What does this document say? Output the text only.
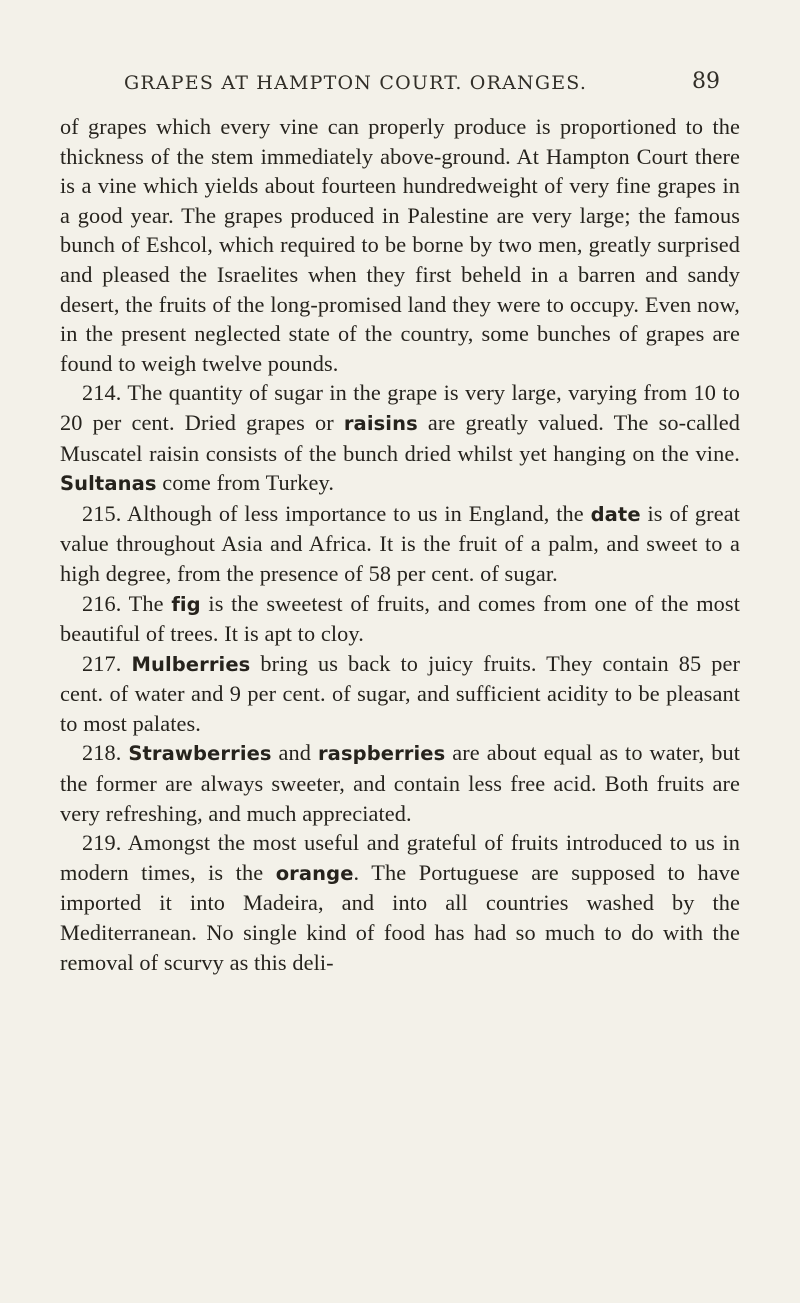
GRAPES AT HAMPTON COURT. ORANGES.	89

of grapes which every vine can properly produce is proportioned to the thickness of the stem immediately above-ground. At Hampton Court there is a vine which yields about fourteen hundredweight of very fine grapes in a good year. The grapes produced in Palestine are very large; the famous bunch of Eshcol, which required to be borne by two men, greatly surprised and pleased the Israelites when they first beheld in a barren and sandy desert, the fruits of the long-promised land they were to occupy. Even now, in the present neglected state of the country, some bunches of grapes are found to weigh twelve pounds.

214. The quantity of sugar in the grape is very large, varying from 10 to 20 per cent. Dried grapes or raisins are greatly valued. The so-called Muscatel raisin consists of the bunch dried whilst yet hanging on the vine. Sultanas come from Turkey.

215. Although of less importance to us in England, the date is of great value throughout Asia and Africa. It is the fruit of a palm, and sweet to a high degree, from the presence of 58 per cent. of sugar.

216. The fig is the sweetest of fruits, and comes from one of the most beautiful of trees. It is apt to cloy.

217. Mulberries bring us back to juicy fruits. They contain 85 per cent. of water and 9 per cent. of sugar, and sufficient acidity to be pleasant to most palates.

218. Strawberries and raspberries are about equal as to water, but the former are always sweeter, and contain less free acid. Both fruits are very refreshing, and much appreciated.

219. Amongst the most useful and grateful of fruits introduced to us in modern times, is the orange. The Portuguese are supposed to have imported it into Madeira, and into all countries washed by the Mediterranean. No single kind of food has had so much to do with the removal of scurvy as this deli-
